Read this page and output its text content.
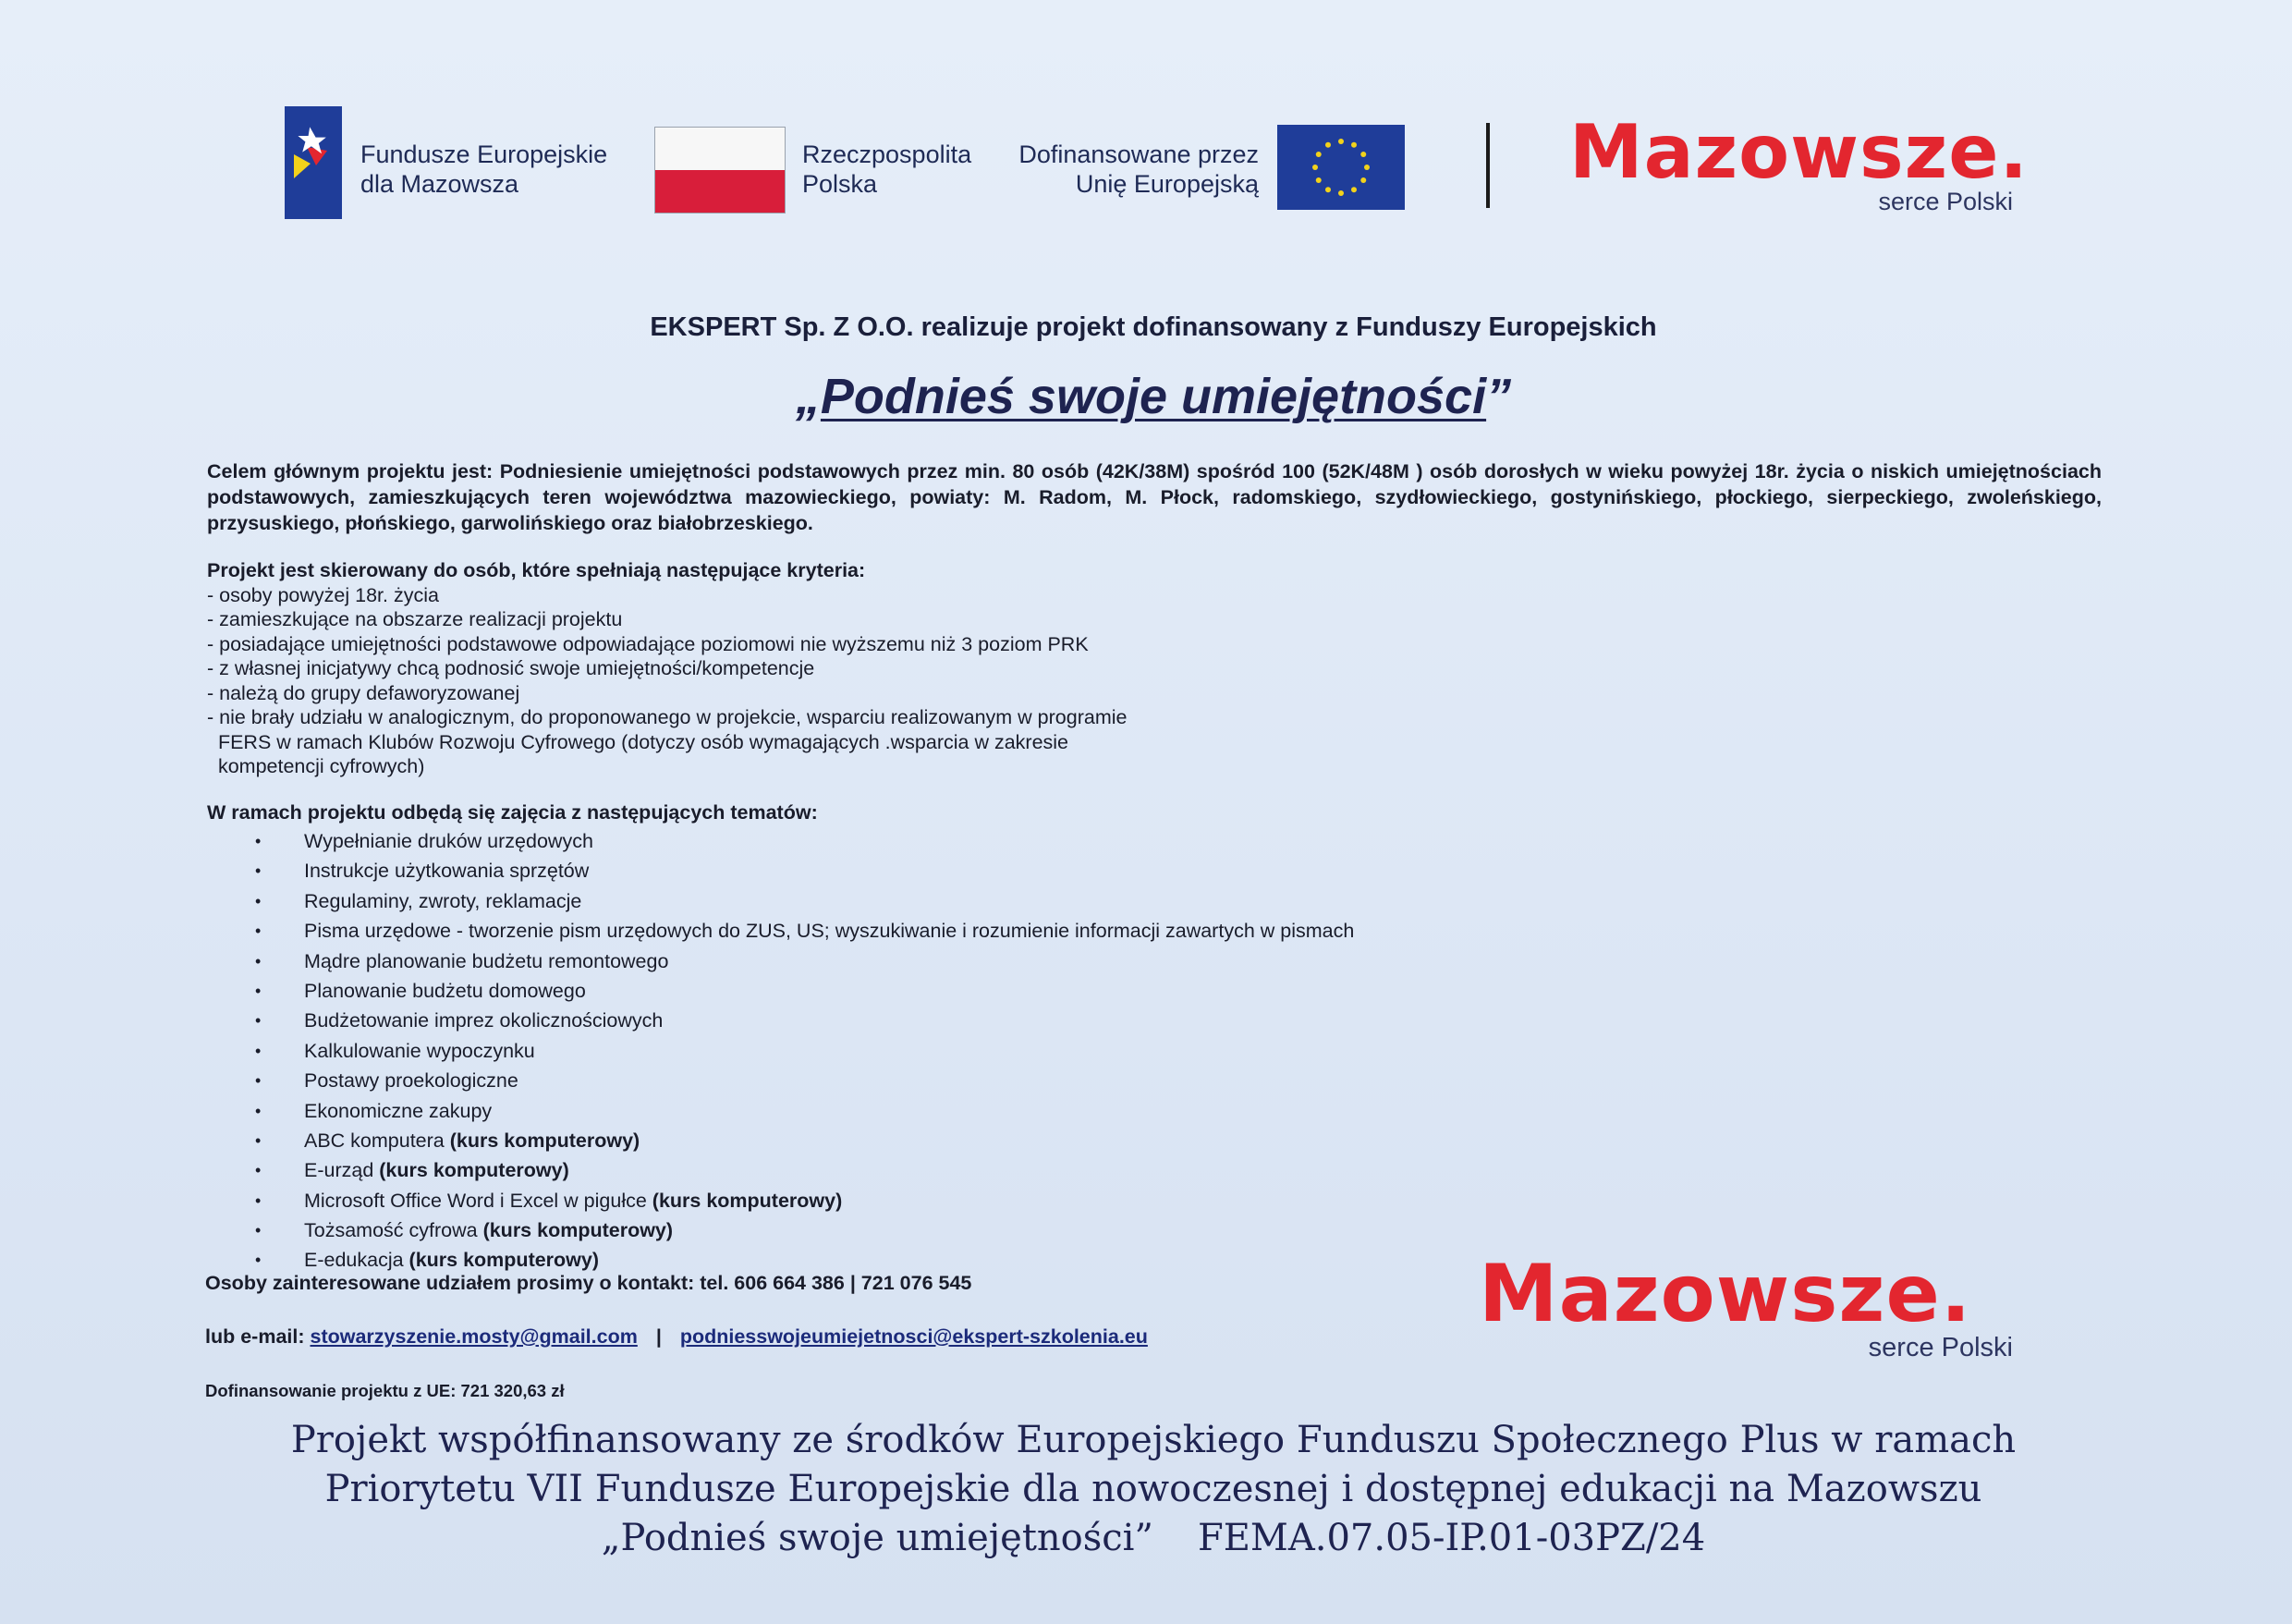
Fundusze Europejskie
dla Mazowsza
Rzeczpospolita
Polska
Dofinansowane przez
Unię Europejską	Mazowsze.
serce Polski
EKSPERT Sp. Z O.O. realizuje projekt dofinansowany z Funduszy Europejskich
„Podnieś swoje umiejętności”
Celem głównym projektu jest: Podniesienie umiejętności podstawowych przez min. 80 osób (42K/38M) spośród 100 (52K/48M ) osób dorosłych w wieku powyżej 18r. życia o niskich umiejętnościach podstawowych, zamieszkujących teren województwa mazowieckiego, powiaty: M. Radom, M. Płock, radomskiego, szydłowieckiego, gostynińskiego, płockiego, sierpeckiego, zwoleńskiego, przysuskiego, płońskiego, garwolińskiego oraz białobrzeskiego.
Projekt jest skierowany do osób, które spełniają następujące kryteria:
- osoby powyżej 18r. życia
- zamieszkujące na obszarze realizacji projektu
- posiadające umiejętności podstawowe odpowiadające poziomowi nie wyższemu niż 3 poziom PRK
- z własnej inicjatywy chcą podnosić swoje umiejętności/kompetencje
- należą do grupy defaworyzowanej
- nie brały udziału w analogicznym, do proponowanego w projekcie, wsparciu realizowanym w programie
FERS w ramach Klubów Rozwoju Cyfrowego (dotyczy osób wymagających .wsparcia w zakresie
kompetencji cyfrowych)
W ramach projektu odbędą się zajęcia z następujących tematów:
• Wypełnianie druków urzędowych
• Instrukcje użytkowania sprzętów
• Regulaminy, zwroty, reklamacje
• Pisma urzędowe - tworzenie pism urzędowych do ZUS, US; wyszukiwanie i rozumienie informacji zawartych w pismach
• Mądre planowanie budżetu remontowego
• Planowanie budżetu domowego
• Budżetowanie imprez okolicznościowych
• Kalkulowanie wypoczynku
• Postawy proekologiczne
• Ekonomiczne zakupy
• ABC komputera (kurs komputerowy)
• E-urząd (kurs komputerowy)
• Microsoft Office Word i Excel w pigułce (kurs komputerowy)
• Tożsamość cyfrowa (kurs komputerowy)
• E-edukacja (kurs komputerowy)
Osoby zainteresowane udziałem prosimy o kontakt: tel. 606 664 386 | 721 076 545
lub e-mail: stowarzyszenie.mosty@gmail.com | podniesswojeumiejetnosci@ekspert-szkolenia.eu
Dofinansowanie projektu z UE: 721 320,63 zł
Mazowsze.
serce Polski
Projekt współfinansowany ze środków Europejskiego Funduszu Społecznego Plus w ramach
Priorytetu VII Fundusze Europejskie dla nowoczesnej i dostępnej edukacji na Mazowszu
„Podnieś swoje umiejętności” FEMA.07.05-IP.01-03PZ/24
